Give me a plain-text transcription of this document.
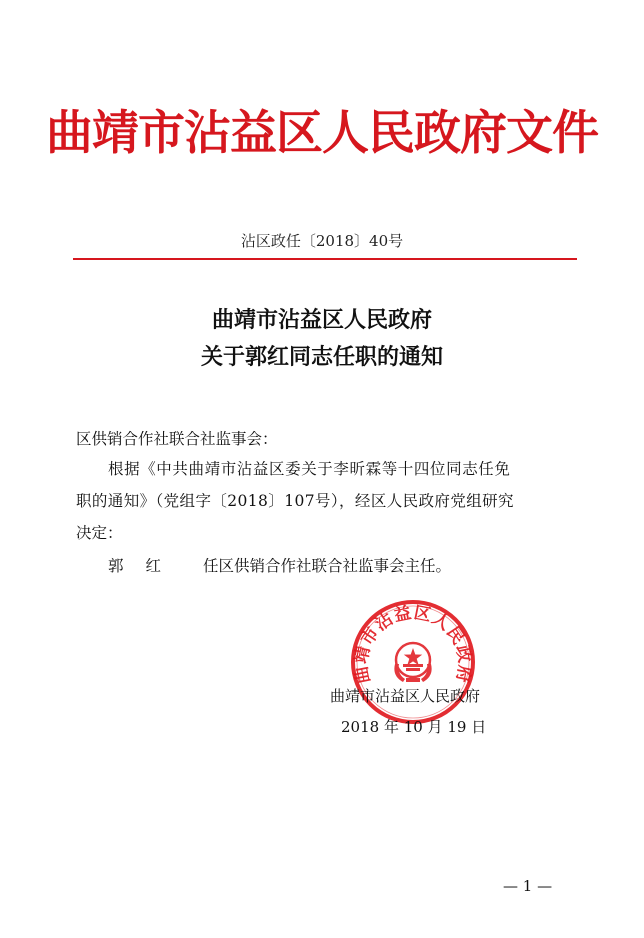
曲靖市沾益区人民政府文件
沾区政任〔2018〕40号
曲靖市沾益区人民政府
关于郭红同志任职的通知
区供销合作社联合社监事会：
根据《中共曲靖市沾益区委关于李昕霖等十四位同志任免
职的通知》（党组字〔2018〕107号），经区人民政府党组研究
决定：
郭 红	任区供销合作社联合社监事会主任。
曲靖市沾益区人民政府
曲靖市沾益区人民政府
2018 年 10 月 19 日
— 1 —
